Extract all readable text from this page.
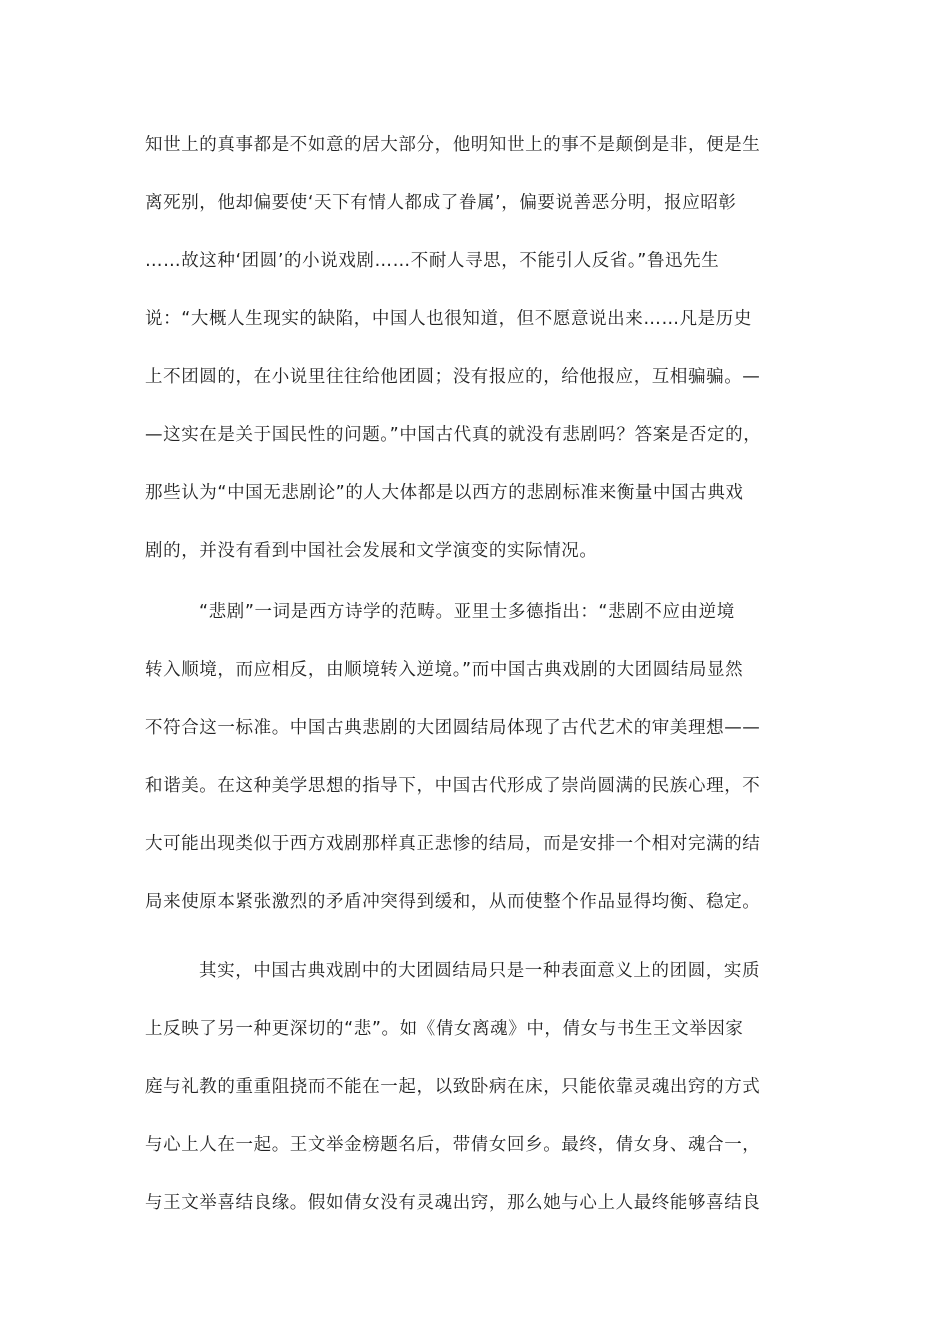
知世上的真事都是不如意的居大部分，他明知世上的事不是颠倒是非，便是生
离死别，他却偏要使‘天下有情人都成了眷属’，偏要说善恶分明，报应昭彰
……故这种‘团圆’的小说戏剧……不耐人寻思，不能引人反省。”鲁迅先生
说：“大概人生现实的缺陷，中国人也很知道，但不愿意说出来……凡是历史
上不团圆的，在小说里往往给他团圆；没有报应的，给他报应，互相骗骗。—
—这实在是关于国民性的问题。”中国古代真的就没有悲剧吗？答案是否定的，
那些认为“中国无悲剧论”的人大体都是以西方的悲剧标准来衡量中国古典戏
剧的，并没有看到中国社会发展和文学演变的实际情况。
“悲剧”一词是西方诗学的范畴。亚里士多德指出：“悲剧不应由逆境
转入顺境，而应相反，由顺境转入逆境。”而中国古典戏剧的大团圆结局显然
不符合这一标准。中国古典悲剧的大团圆结局体现了古代艺术的审美理想——
和谐美。在这种美学思想的指导下，中国古代形成了崇尚圆满的民族心理，不
大可能出现类似于西方戏剧那样真正悲惨的结局，而是安排一个相对完满的结
局来使原本紧张激烈的矛盾冲突得到缓和，从而使整个作品显得均衡、稳定。
其实，中国古典戏剧中的大团圆结局只是一种表面意义上的团圆，实质
上反映了另一种更深切的“悲”。如《倩女离魂》中，倩女与书生王文举因家
庭与礼教的重重阻挠而不能在一起，以致卧病在床，只能依靠灵魂出窍的方式
与心上人在一起。王文举金榜题名后，带倩女回乡。最终，倩女身、魂合一，
与王文举喜结良缘。假如倩女没有灵魂出窍，那么她与心上人最终能够喜结良
